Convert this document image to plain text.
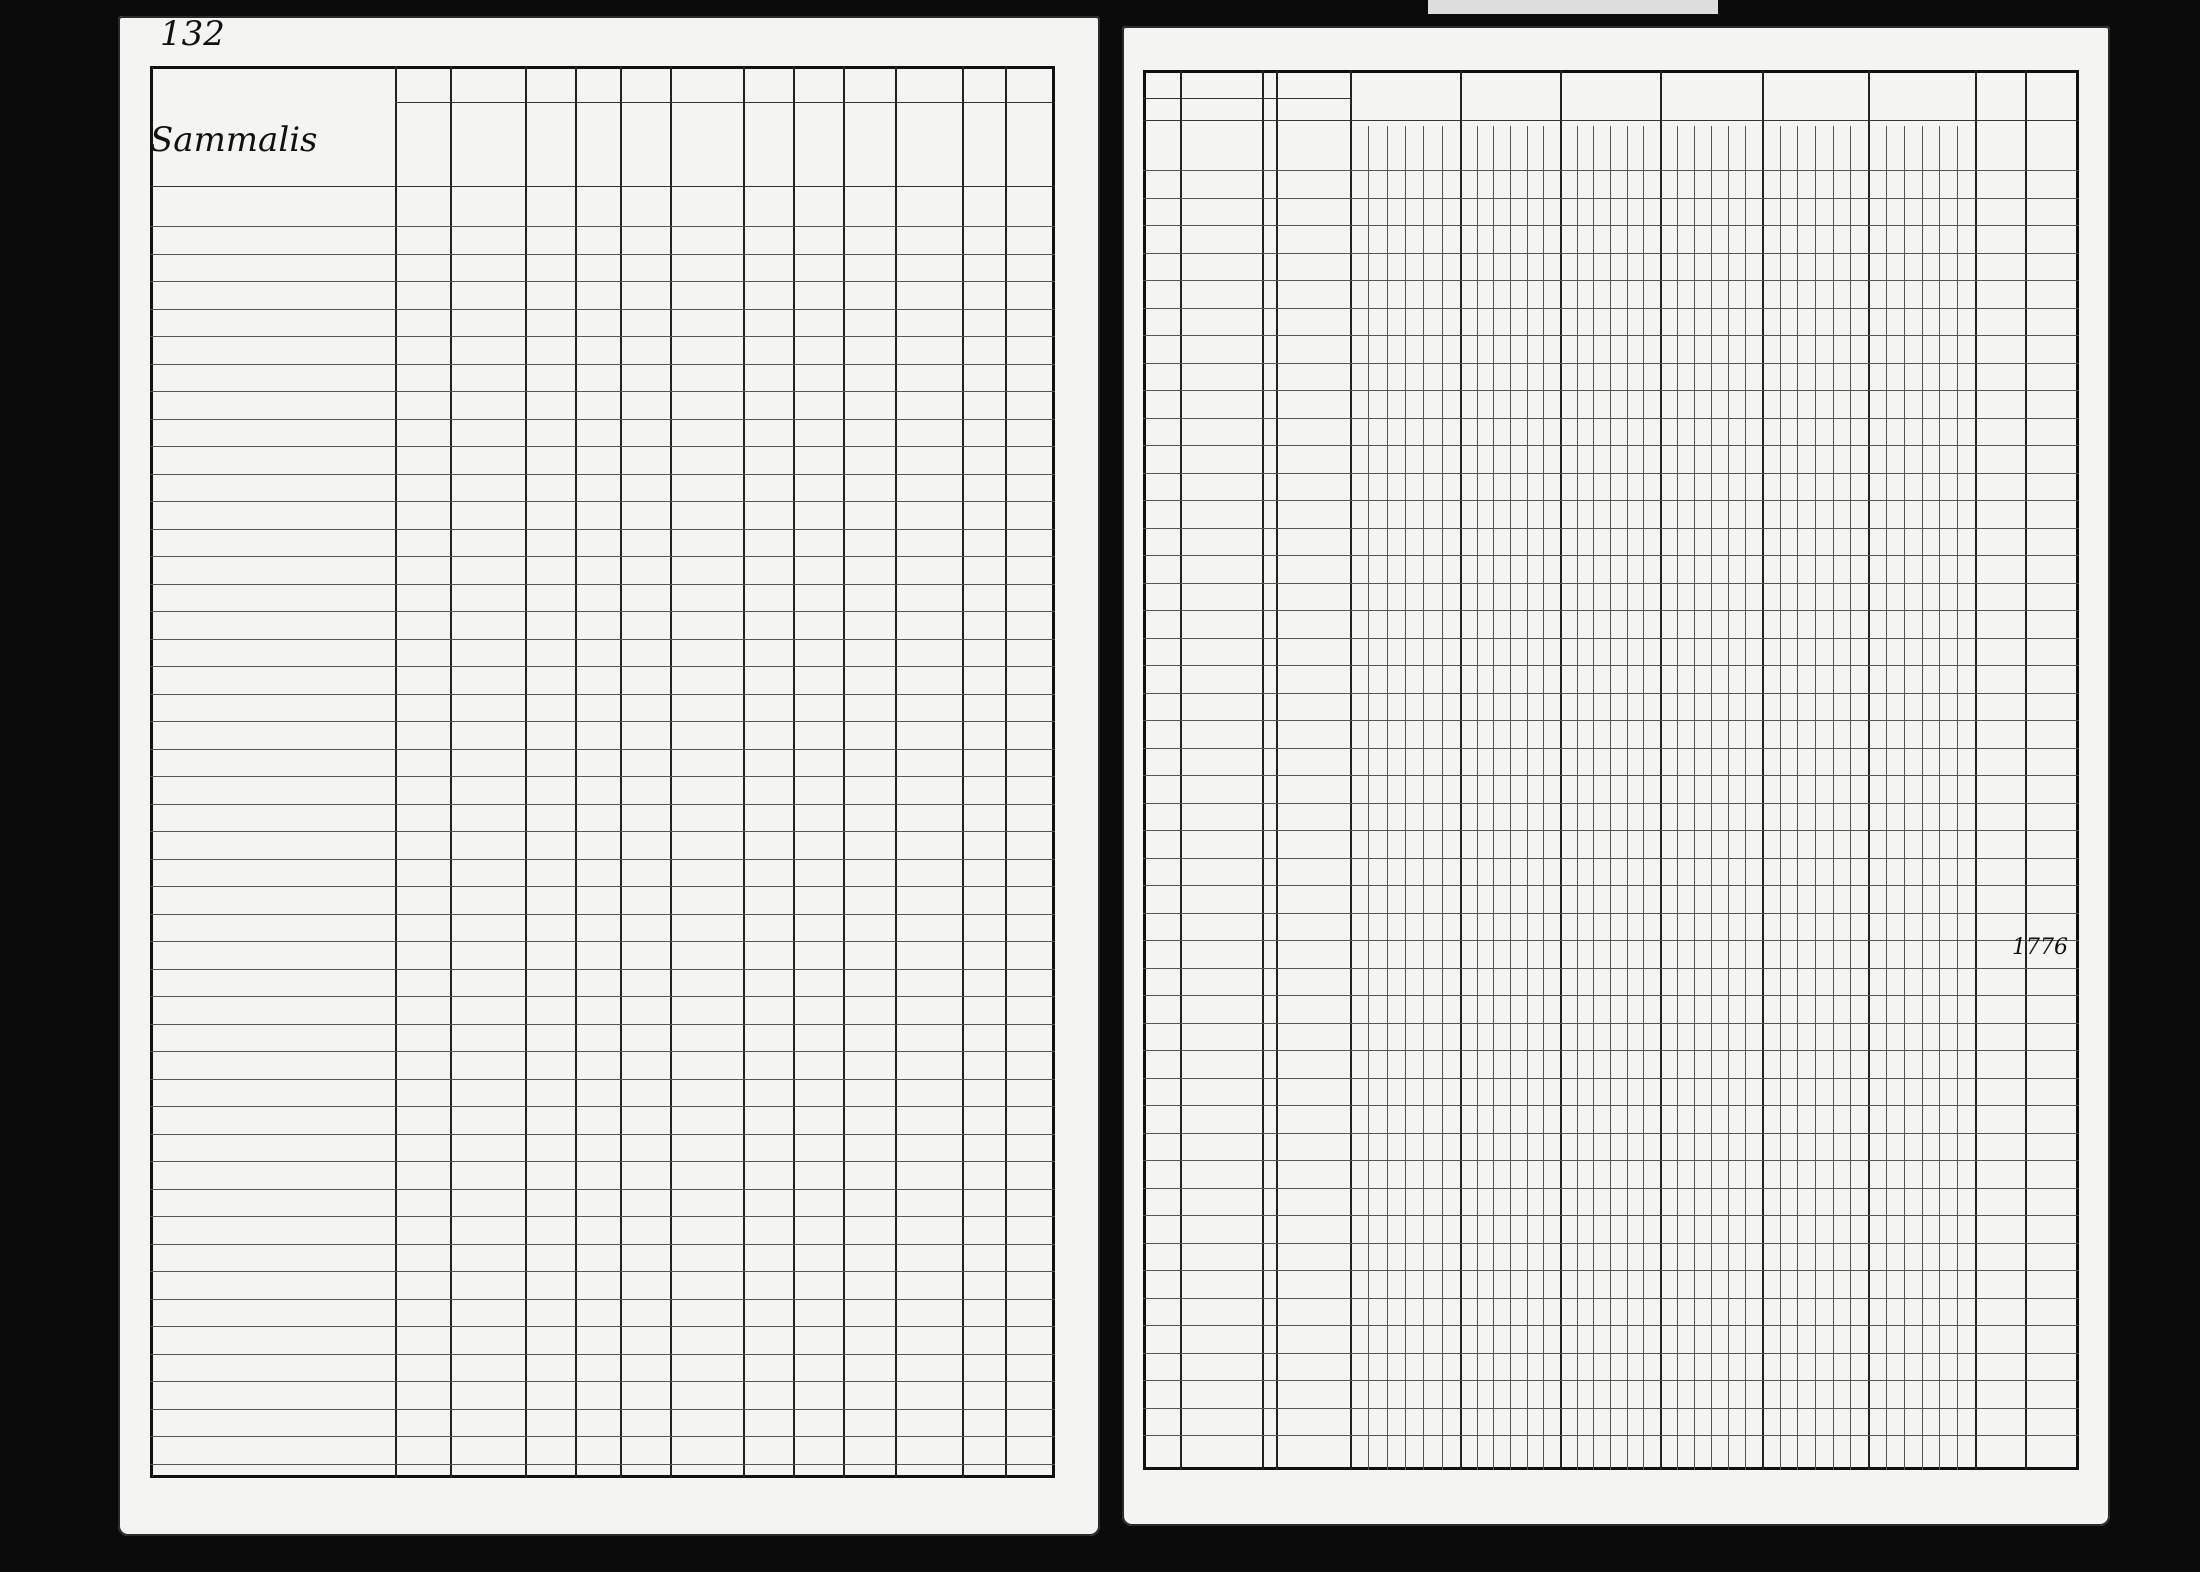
132
Sammalis
1776
